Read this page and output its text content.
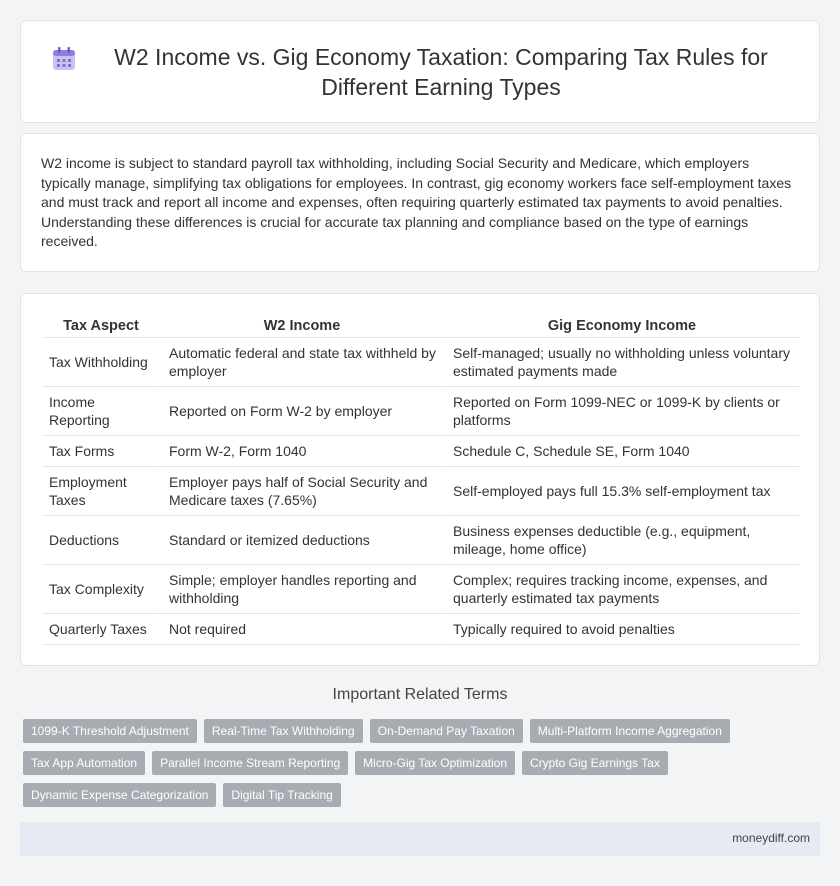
W2 Income vs. Gig Economy Taxation: Comparing Tax Rules for Different Earning Types

W2 income is subject to standard payroll tax withholding, including Social Security and Medicare, which employers typically manage, simplifying tax obligations for employees. In contrast, gig economy workers face self-employment taxes and must track and report all income and expenses, often requiring quarterly estimated tax payments to avoid penalties. Understanding these differences is crucial for accurate tax planning and compliance based on the type of earnings received.

Tax Aspect	W2 Income	Gig Economy Income
Tax Withholding	Automatic federal and state tax withheld by employer	Self-managed; usually no withholding unless voluntary estimated payments made
Income Reporting	Reported on Form W-2 by employer	Reported on Form 1099-NEC or 1099-K by clients or platforms
Tax Forms	Form W-2, Form 1040	Schedule C, Schedule SE, Form 1040
Employment Taxes	Employer pays half of Social Security and Medicare taxes (7.65%)	Self-employed pays full 15.3% self-employment tax
Deductions	Standard or itemized deductions	Business expenses deductible (e.g., equipment, mileage, home office)
Tax Complexity	Simple; employer handles reporting and withholding	Complex; requires tracking income, expenses, and quarterly estimated tax payments
Quarterly Taxes	Not required	Typically required to avoid penalties
Important Related Terms
1099-K Threshold Adjustment	Real-Time Tax Withholding	On-Demand Pay Taxation	Multi-Platform Income Aggregation
Tax App Automation	Parallel Income Stream Reporting	Micro-Gig Tax Optimization	Crypto Gig Earnings Tax
Dynamic Expense Categorization	Digital Tip Tracking
moneydiff.com
